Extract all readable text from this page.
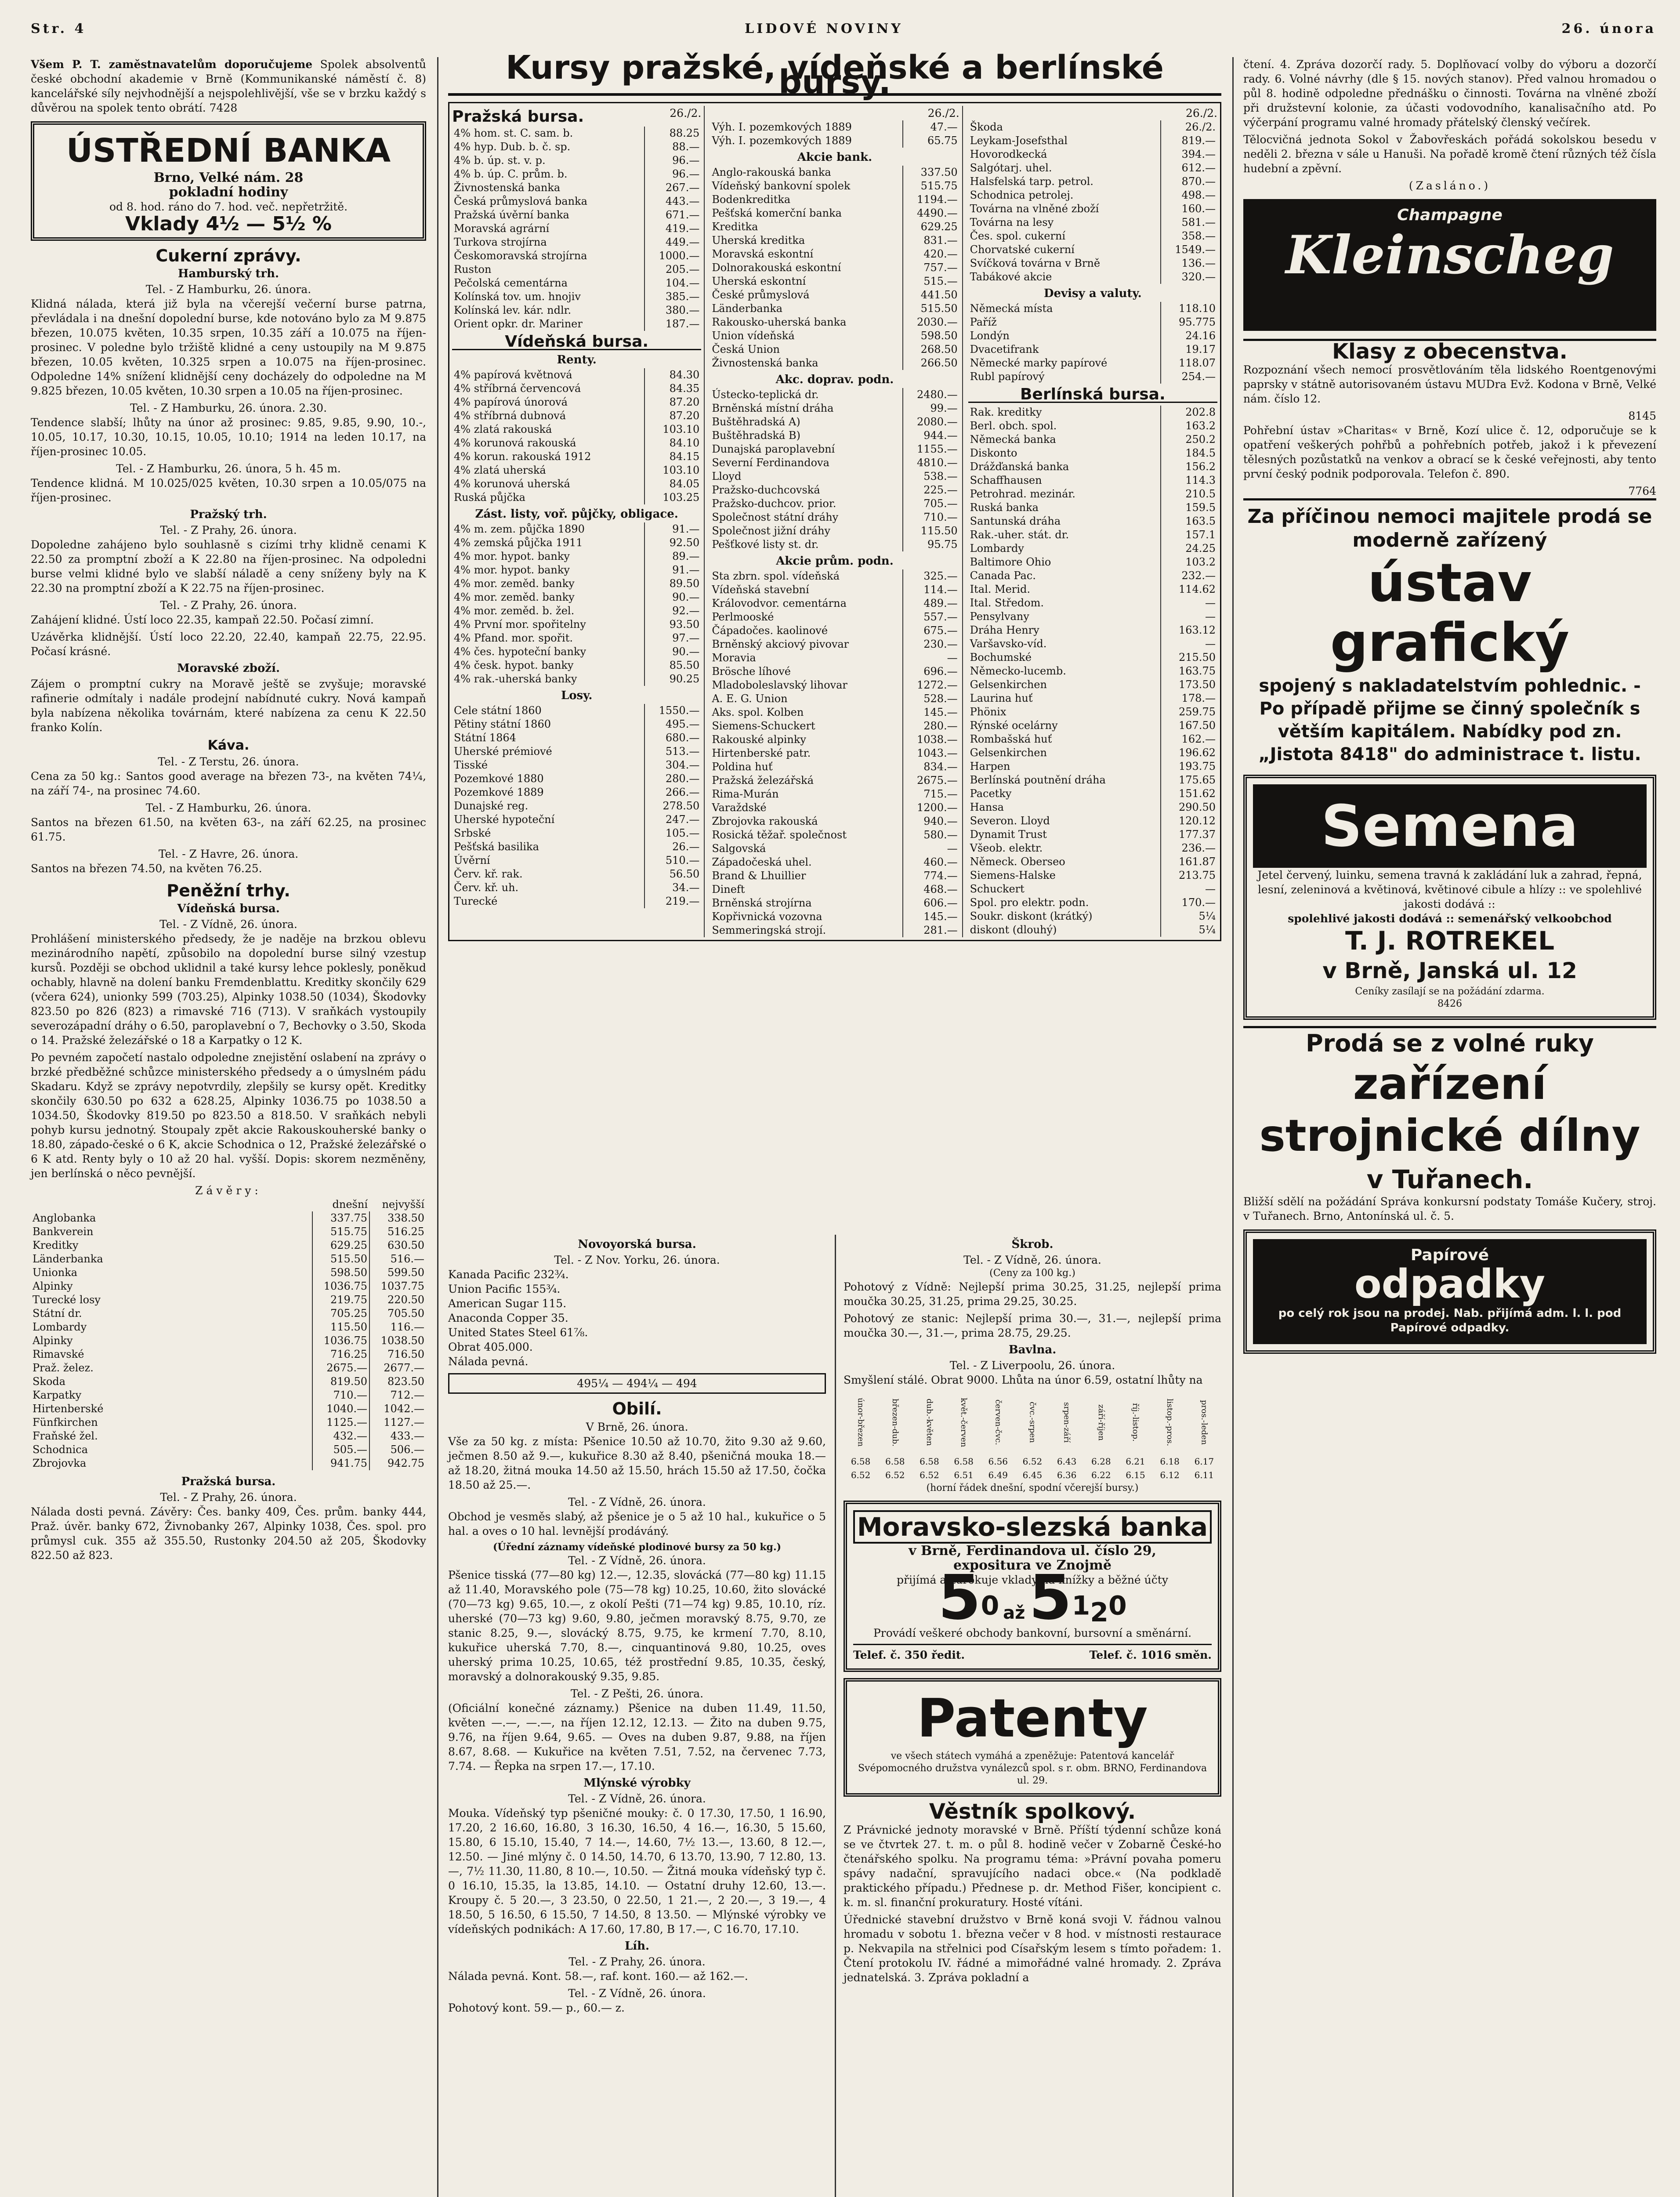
Str. 4	LIDOVÉ NOVINY	26. února

Všem P. T. zaměstnavatelům doporučujeme Spolek absolventů české obchodní akademie v Brně (Kommunikanské náměstí č. 8) kancelářské síly nejvhodnější a nejspolehlivější, vše se v brzku každý s důvěrou na spolek tento obrátí. 7428

ÚSTŘEDNÍ BANKA
Brno, Velké nám. 28
pokladní hodiny
od 8. hod. ráno do 7. hod. več. nepřetržitě.
Vklady 4½ — 5½ %
Cukerní zprávy.
Hamburský trh.
Tel. - Z Hamburku, 26. února.

Klidná nálada, která již byla na včerejší večerní burse patrna, převládala i na dnešní dopolední burse, kde notováno bylo za M 9.875 březen, 10.075 květen, 10.35 srpen, 10.35 září a 10.075 na říjen-prosinec. V poledne bylo tržiště klidné a ceny ustoupily na M 9.875 březen, 10.05 květen, 10.325 srpen a 10.075 na říjen-prosinec. Odpoledne 14% snížení klidnější ceny docházely do odpoledne na M 9.825 březen, 10.05 květen, 10.30 srpen a 10.05 na říjen-prosinec.

Tel. - Z Hamburku, 26. února. 2.30.

Tendence slabší; lhůty na únor až prosinec: 9.85, 9.85, 9.90, 10.-, 10.05, 10.17, 10.30, 10.15, 10.05, 10.10; 1914 na leden 10.17, na říjen-prosinec 10.05.

Tel. - Z Hamburku, 26. února, 5 h. 45 m.

Tendence klidná. M 10.025/025 květen, 10.30 srpen a 10.05/075 na říjen-prosinec.

Pražský trh.
Tel. - Z Prahy, 26. února.

Dopoledne zahájeno bylo souhlasně s cizími trhy klidně cenami K 22.50 za promptní zboží a K 22.80 na říjen-prosinec. Na odpoledni burse velmi klidné bylo ve slabší náladě a ceny sníženy byly na K 22.30 na promptní zboží a K 22.75 na říjen-prosinec.

Tel. - Z Prahy, 26. února.

Zahájení klidné. Ústí loco 22.35, kampaň 22.50. Počasí zimní.

Uzávěrka klidnější. Ústí loco 22.20, 22.40, kampaň 22.75, 22.95. Počasí krásné.

Moravské zboží.

Zájem o promptní cukry na Moravě ještě se zvyšuje; moravské rafinerie odmítaly i nadále prodejní nabídnuté cukry. Nová kampaň byla nabízena několika továrnám, které nabízena za cenu K 22.50 franko Kolín.

Káva.
Tel. - Z Terstu, 26. února.

Cena za 50 kg.: Santos good average na březen 73-, na květen 74¼, na září 74-, na prosinec 74.60.

Tel. - Z Hamburku, 26. února.

Santos na březen 61.50, na květen 63-, na září 62.25, na prosinec 61.75.

Tel. - Z Havre, 26. února.

Santos na březen 74.50, na květen 76.25.

Peněžní trhy.
Vídeňská bursa.
Tel. - Z Vídně, 26. února.

Prohlášení ministerského předsedy, že je naděje na brzkou oblevu mezinárodního napětí, způsobilo na dopolední burse silný vzestup kursů. Později se obchod uklidnil a také kursy lehce poklesly, poněkud ochably, hlavně na dolení banku Fremdenblattu. Kreditky skončily 629 (včera 624), unionky 599 (703.25), Alpinky 1038.50 (1034), Škodovky 823.50 po 826 (823) a rimavské 716 (713). V sraňkách vystoupily severozápadní dráhy o 6.50, paroplavební o 7, Bechovky o 3.50, Skoda o 14. Pražské železářské o 18 a Karpatky o 12 K.

Po pevném započetí nastalo odpoledne znejistění oslabení na zprávy o brzké předběžné schůzce ministerského předsedy a o úmyslném pádu Skadaru. Když se zprávy nepotvrdily, zlepšily se kursy opět. Kreditky skončily 630.50 po 632 a 628.25, Alpinky 1036.75 po 1038.50 a 1034.50, Škodovky 819.50 po 823.50 a 818.50. V sraňkách nebyli pohyb kursu jednotný. Stoupaly zpět akcie Rakouskouherské banky o 18.80, západo-české o 6 K, akcie Schodnica o 12, Pražské železářské o 6 K atd. Renty byly o 10 až 20 hal. vyšší. Dopis: skorem nezměněny, jen berlínská o něco pevnější.

Závěry:
	dnešní	nejvyšší
Anglobanka	337.75	338.50
Bankverein	515.75	516.25
Kreditky	629.25	630.50
Länderbanka	515.50	516.—
Unionka	598.50	599.50
Alpinky	1036.75	1037.75
Turecké losy	219.75	220.50
Státní dr.	705.25	705.50
Lombardy	115.50	116.—
Alpinky	1036.75	1038.50
Rimavské	716.25	716.50
Praž. želez.	2675.—	2677.—
Skoda	819.50	823.50
Karpatky	710.—	712.—
Hirtenberské	1040.—	1042.—
Fünfkirchen	1125.—	1127.—
Fraňské žel.	432.—	433.—
Schodnica	505.—	506.—
Zbrojovka	941.75	942.75
Pražská bursa.
Tel. - Z Prahy, 26. února.

Nálada dosti pevná. Závěry: Čes. banky 409, Čes. prům. banky 444, Praž. úvěr. banky 672, Živnobanky 267, Alpinky 1038, Čes. spol. pro průmysl cuk. 355 až 355.50, Rustonky 204.50 až 205, Škodovky 822.50 až 823.

Kursy pražské, vídeňské a berlínské bursy.
Pražská bursa.	26./2.
4% hom. st. C. sam. b.	88.25
4% hyp. Dub. b. č. sp.	88.—
4% b. úp. st. v. p.	96.—
4% b. úp. C. prům. b.	96.—
Živnostenská banka	267.—
Česká průmyslová banka	443.—
Pražská úvěrní banka	671.—
Moravská agrární	419.—
Turkova strojírna	449.—
Českomoravská strojírna	1000.—
Ruston	205.—
Pečolská cementárna	104.—
Kolínská tov. um. hnojiv	385.—
Kolínská lev. kár. ndlr.	380.—
Orient opkr. dr. Mariner	187.—
Vídeňská bursa.
Renty.
4% papírová květnová	84.30
4% stříbrná červencová	84.35
4% papírová únorová	87.20
4% stříbrná dubnová	87.20
4% zlatá rakouská	103.10
4% korunová rakouská	84.10
4% korun. rakouská 1912	84.15
4% zlatá uherská	103.10
4% korunová uherská	84.05
Ruská půjčka	103.25
Zást. listy, voř. půjčky, obligace.
4% m. zem. půjčka 1890	91.—
4% zemská půjčka 1911	92.50
4% mor. hypot. banky	89.—
4% mor. hypot. banky	91.—
4% mor. zeměd. banky	89.50
4% mor. zeměd. banky	90.—
4% mor. zeměd. b. žel.	92.—
4% První mor. spořitelny	93.50
4% Pfand. mor. spořit.	97.—
4% čes. hypoteční banky	90.—
4% česk. hypot. banky	85.50
4% rak.-uherská banky	90.25
Losy.
Cele státní 1860	1550.—
Pětiny státní 1860	495.—
Státní 1864	680.—
Uherské prémiové	513.—
Tisské	304.—
Pozemkové 1880	280.—
Pozemkové 1889	266.—
Dunajské reg.	278.50
Uherské hypoteční	247.—
Srbské	105.—
Pešťská basilika	26.—
Úvěrní	510.—
Červ. kř. rak.	56.50
Červ. kř. uh.	34.—
Turecké	219.—
26./2.
Výh. I. pozemkových 1889	47.—
Výh. I. pozemkových 1889	65.75
Akcie bank.
Anglo-rakouská banka	337.50
Vídeňský bankovní spolek	515.75
Bodenkreditka	1194.—
Pešťská komerční banka	4490.—
Kreditka	629.25
Uherská kreditka	831.—
Moravská eskontní	420.—
Dolnorakouská eskontní	757.—
Uherská eskontní	515.—
České průmyslová	441.50
Länderbanka	515.50
Rakousko-uherská banka	2030.—
Union vídeňská	598.50
Česká Union	268.50
Živnostenská banka	266.50
Akc. doprav. podn.
Ústecko-teplická dr.	2480.—
Brněnská místní dráha	99.—
Buštěhradská A)	2080.—
Buštěhradská B)	944.—
Dunajská paroplavební	1155.—
Severní Ferdinandova	4810.—
Lloyd	538.—
Pražsko-duchcovská	225.—
Pražsko-duchcov. prior.	705.—
Společnost státní dráhy	710.—
Společnost jižní dráhy	115.50
Pešťkové listy st. dr.	95.75
Akcie prům. podn.
Sta zbrn. spol. vídeňská	325.—
Vídeňská stavební	114.—
Královodvor. cementárna	489.—
Perlmooské	557.—
Čápadočes. kaolinové	675.—
Brněnský akciový pivovar	230.—
Moravia	—
Brösche líhové	696.—
Mladoboleslavský lihovar	1272.—
A. E. G. Union	528.—
Aks. spol. Kolben	145.—
Siemens-Schuckert	280.—
Rakouské alpinky	1038.—
Hirtenberské patr.	1043.—
Poldina huť	834.—
Pražská železářská	2675.—
Rima-Murán	715.—
Varaždské	1200.—
Zbrojovka rakouská	940.—
Rosická těžař. společnost	580.—
Salgovská	—
Západočeská uhel.	460.—
Brand & Lhuillier	774.—
Dineft	468.—
Brněnská strojírna	606.—
Kopřivnická vozovna	145.—
Semmeringská strojí.	281.—
26./2.
Škoda	26./2.
Leykam-Josefsthal	819.—
Hovorodkecká	394.—
Salgótarj. uhel.	612.—
Halsfelská tarp. petrol.	870.—
Schodnica petrolej.	498.—
Továrna na vlněné zboží	160.—
Továrna na lesy	581.—
Čes. spol. cukerní	358.—
Chorvatské cukerní	1549.—
Svíčková továrna v Brně	136.—
Tabákové akcie	320.—
Devisy a valuty.
Německá místa	118.10
Paříž	95.775
Londýn	24.16
Dvacetifrank	19.17
Německé marky papírové	118.07
Rubl papírový	254.—
Berlínská bursa.
Rak. kreditky	202.8
Berl. obch. spol.	163.2
Německá banka	250.2
Diskonto	184.5
Drážďanská banka	156.2
Schaffhausen	114.3
Petrohrad. mezinár.	210.5
Ruská banka	159.5
Santunská dráha	163.5
Rak.-uher. stát. dr.	157.1
Lombardy	24.25
Baltimore Ohio	103.2
Canada Pac.	232.—
Ital. Merid.	114.62
Ital. Středom.	—
Pensylvany	—
Dráha Henry	163.12
Varšavsko-víd.	—
Bochumské	215.50
Německo-lucemb.	163.75
Gelsenkirchen	173.50
Laurina huť	178.—
Phönix	259.75
Rýnské ocelárny	167.50
Rombašská huť	162.—
Gelsenkirchen	196.62
Harpen	193.75
Berlínská poutnění dráha	175.65
Pacetky	151.62
Hansa	290.50
Severon. Lloyd	120.12
Dynamit Trust	177.37
Všeob. elektr.	236.—
Německ. Oberseo	161.87
Siemens-Halske	213.75
Schuckert	—
Spol. pro elektr. podn.	170.—
Soukr. diskont (krátký)	5¼
diskont (dlouhý)	5¼
Novoyorská bursa.
Tel. - Z Nov. Yorku, 26. února.
Kanada Pacific 232¾.
Union Pacific 155¾.
American Sugar 115.
Anaconda Copper 35.
United States Steel 61⅞.
Obrat 405.000.
Nálada pevná.
495¼ — 494¼ — 494
Obilí.
V Brně, 26. února.

Vše za 50 kg. z místa: Pšenice 10.50 až 10.70, žito 9.30 až 9.60, ječmen 8.50 až 9.—, kukuřice 8.30 až 8.40, pšeničná mouka 18.— až 18.20, žitná mouka 14.50 až 15.50, hrách 15.50 až 17.50, čočka 18.50 až 25.—.

Tel. - Z Vídně, 26. února.

Obchod je vesměs slabý, až pšenice je o 5 až 10 hal., kukuřice o 5 hal. a oves o 10 hal. levnější prodáváný.

(Úřední záznamy vídeňské plodinové bursy za 50 kg.)
Tel. - Z Vídně, 26. února.

Pšenice tisská (77—80 kg) 12.—, 12.35, slovácká (77—80 kg) 11.15 až 11.40, Moravského pole (75—78 kg) 10.25, 10.60, žito slovácké (70—73 kg) 9.65, 10.—, z okolí Pešti (71—74 kg) 9.85, 10.10, ríz. uherské (70—73 kg) 9.60, 9.80, ječmen moravský 8.75, 9.70, ze stanic 8.25, 9.—, slovácký 8.75, 9.75, ke krmení 7.70, 8.10, kukuřice uherská 7.70, 8.—, cinquantinová 9.80, 10.25, oves uherský prima 10.25, 10.65, též prostřední 9.85, 10.35, český, moravský a dolnorakouský 9.35, 9.85.

Tel. - Z Pešti, 26. února.

(Oficiální konečné záznamy.) Pšenice na duben 11.49, 11.50, květen —.—, —.—, na říjen 12.12, 12.13. — Žito na duben 9.75, 9.76, na říjen 9.64, 9.65. — Oves na duben 9.87, 9.88, na říjen 8.67, 8.68. — Kukuřice na květen 7.51, 7.52, na červenec 7.73, 7.74. — Řepka na srpen 17.—, 17.10.

Mlýnské výrobky
Tel. - Z Vídně, 26. února.

Mouka. Vídeňský typ pšeničné mouky: č. 0 17.30, 17.50, 1 16.90, 17.20, 2 16.60, 16.80, 3 16.30, 16.50, 4 16.—, 16.30, 5 15.60, 15.80, 6 15.10, 15.40, 7 14.—, 14.60, 7½ 13.—, 13.60, 8 12.—, 12.50. — Jiné mlýny č. 0 14.50, 14.70, 6 13.70, 13.90, 7 12.80, 13.—, 7½ 11.30, 11.80, 8 10.—, 10.50. — Žitná mouka vídeňský typ č. 0 16.10, 15.35, la 13.85, 14.10. — Ostatní druhy 12.60, 13.—. Kroupy č. 5 20.—, 3 23.50, 0 22.50, 1 21.—, 2 20.—, 3 19.—, 4 18.50, 5 16.50, 6 15.50, 7 14.50, 8 13.50. — Mlýnské výrobky ve vídeňských podnikách: A 17.60, 17.80, B 17.—, C 16.70, 17.10.

Líh.
Tel. - Z Prahy, 26. února.

Nálada pevná. Kont. 58.—, raf. kont. 160.— až 162.—.

Tel. - Z Vídně, 26. února.

Pohotový kont. 59.— p., 60.— z.

Škrob.
Tel. - Z Vídně, 26. února.
(Ceny za 100 kg.)

Pohotový z Vídně: Nejlepší prima 30.25, 31.25, nejlepší prima moučka 30.25, 31.25, prima 29.25, 30.25.

Pohotový ze stanic: Nejlepší prima 30.—, 31.—, nejlepší prima moučka 30.—, 31.—, prima 28.75, 29.25.

Bavlna.
Tel. - Z Liverpoolu, 26. února.

Smyšlení stálé. Obrat 9000. Lhůta na únor 6.59, ostatní lhůty na

únor-březen	březen-dub.	dub.-květen	květ.-červen	červen-čvc.	čvc.-srpen	srpen-září	září-říjen	říj.-listop.	listop.-pros.	pros.-leden
6.58	6.58	6.58	6.58	6.56	6.52	6.43	6.28	6.21	6.18	6.17
6.52	6.52	6.52	6.51	6.49	6.45	6.36	6.22	6.15	6.12	6.11
(horní řádek dnešní, spodní včerejší bursy.)
Moravsko-slezská banka
v Brně, Ferdinandova ul. číslo 29,
expositura ve Znojmě
přijímá a zúrokuje vklady na knížky a běžné účty
$5^0$ až $5^1_2^0$
Provádí veškeré obchody bankovní, bursovní a směnární.
Telef. č. 350 ředit.	Telef. č. 1016 směn.
Patenty
ve všech státech vymáhá a zpeněžuje: Patentová kancelář Svépomocného družstva vynálezců spol. s r. obm. BRNO, Ferdinandova ul. 29.
Věstník spolkový.

Z Právnické jednoty moravské v Brně. Příští týdenní schůze koná se ve čtvrtek 27. t. m. o půl 8. hodině večer v Zobarně České-ho čtenářského spolku. Na programu téma: »Právní povaha pomeru spávy nadační, spravujícího nadaci obce.« (Na podkladě praktického případu.) Přednese p. dr. Method Fišer, koncipient c. k. m. sl. finanční prokuratury. Hosté vítáni.

Úřednické stavební družstvo v Brně koná svoji V. řádnou valnou hromadu v sobotu 1. března večer v 8 hod. v místnosti restaurace p. Nekvapila na střelnici pod Císařským lesem s tímto pořadem: 1. Čtení protokolu IV. řádné a mimořádné valné hromady. 2. Zpráva jednatelská. 3. Zpráva pokladní a

čtení. 4. Zpráva dozorčí rady. 5. Doplňovací volby do výboru a dozorčí rady. 6. Volné návrhy (dle § 15. nových stanov). Před valnou hromadou o půl 8. hodině odpoledne přednášku o činnosti. Továrna na vlněné zboží při družstevní kolonie, za účasti vodovodního, kanalisačního atd. Po výčerpání programu valné hromady přátelský členský večírek.

Tělocvičná jednota Sokol v Žabovřeskách pořádá sokolskou besedu v neděli 2. března v sále u Hanuši. Na pořadě kromě čtení různých též čísla hudební a zpěvní.

(Zasláno.)
Champagne
Kleinscheg
Klasy z obecenstva.

Rozpoznání všech nemocí prosvětlováním těla lidského Roentgenovými paprsky v státně autorisovaném ústavu MUDra Evž. Kodona v Brně, Velké nám. číslo 12.

8145

Pohřební ústav »Charitas« v Brně, Kozí ulice č. 12, odporučuje se k opatření veškerých pohřbů a pohřebních potřeb, jakož i k převezení tělesných pozůstatků na venkov a obrací se k české veřejnosti, aby tento první český podnik podporovala. Telefon č. 890.

7764
Za příčinou nemoci majitele prodá se moderně zařízený
ústav
grafický
spojený s nakladatelstvím pohlednic. - Po případě přijme se činný společník s větším kapitálem. Nabídky pod zn. „Jistota 8418" do administrace t. listu.
Semena
Jetel červený, luinku, semena travná k zakládání luk a zahrad, řepná, lesní, zeleninová a květinová, květinové cibule a hlízy :: ve spolehlivé jakosti dodává ::
spolehlivé jakosti dodává :: semenářský velkoobchod
T. J. ROTREKEL
v Brně, Janská ul. 12
Ceníky zasílají se na požádání zdarma.
8426
Prodá se z volné ruky
zařízení strojnické dílny
v Tuřanech.

Bližší sdělí na požádání Správa konkursní podstaty Tomáše Kučery, stroj. v Tuřanech. Brno, Antonínská ul. č. 5.

Papírové
odpadky
po celý rok jsou na prodej. Nab. přijímá adm. l. l. pod Papírové odpadky.
